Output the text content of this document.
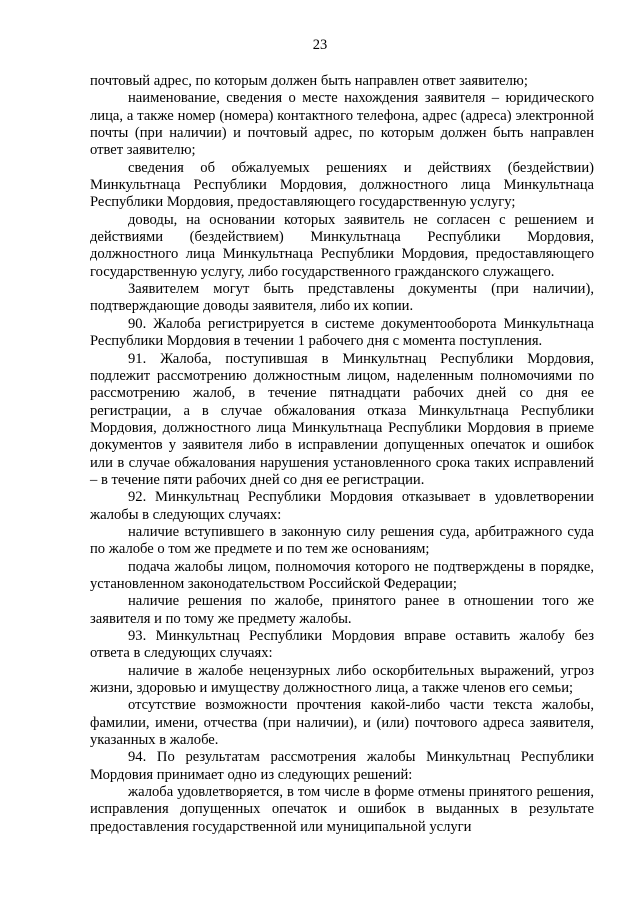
23

почтовый адрес, по которым должен быть направлен ответ заявителю;

наименование, сведения о месте нахождения заявителя – юридического лица, а также номер (номера) контактного телефона, адрес (адреса) электронной почты (при наличии) и почтовый адрес, по которым должен быть направлен ответ заявителю;

сведения об обжалуемых решениях и действиях (бездействии) Минкультнаца Республики Мордовия, должностного лица Минкультнаца Республики Мордовия, предоставляющего государственную услугу;

доводы, на основании которых заявитель не согласен с решением и действиями (бездействием) Минкультнаца Республики Мордовия, должностного лица Минкультнаца Республики Мордовия, предоставляющего государственную услугу, либо государственного гражданского служащего.

Заявителем могут быть представлены документы (при наличии), подтверждающие доводы заявителя, либо их копии.

90. Жалоба регистрируется в системе документооборота Минкультнаца Республики Мордовия в течении 1 рабочего дня с момента поступления.

91. Жалоба, поступившая в Минкультнац Республики Мордовия, подлежит рассмотрению должностным лицом, наделенным полномочиями по рассмотрению жалоб, в течение пятнадцати рабочих дней со дня ее регистрации, а в случае обжалования отказа Минкультнаца Республики Мордовия, должностного лица Минкультнаца Республики Мордовия в приеме документов у заявителя либо в исправлении допущенных опечаток и ошибок или в случае обжалования нарушения установленного срока таких исправлений – в течение пяти рабочих дней со дня ее регистрации.

92. Минкультнац Республики Мордовия отказывает в удовлетворении жалобы в следующих случаях:

наличие вступившего в законную силу решения суда, арбитражного суда по жалобе о том же предмете и по тем же основаниям;

подача жалобы лицом, полномочия которого не подтверждены в порядке, установленном законодательством Российской Федерации;

наличие решения по жалобе, принятого ранее в отношении того же заявителя и по тому же предмету жалобы.

93. Минкультнац Республики Мордовия вправе оставить жалобу без ответа в следующих случаях:

наличие в жалобе нецензурных либо оскорбительных выражений, угроз жизни, здоровью и имуществу должностного лица, а также членов его семьи;

отсутствие возможности прочтения какой-либо части текста жалобы, фамилии, имени, отчества (при наличии), и (или) почтового адреса заявителя, указанных в жалобе.

94. По результатам рассмотрения жалобы Минкультнац Республики Мордовия принимает одно из следующих решений:

жалоба удовлетворяется, в том числе в форме отмены принятого решения, исправления допущенных опечаток и ошибок в выданных в результате предоставления государственной или муниципальной услуги
